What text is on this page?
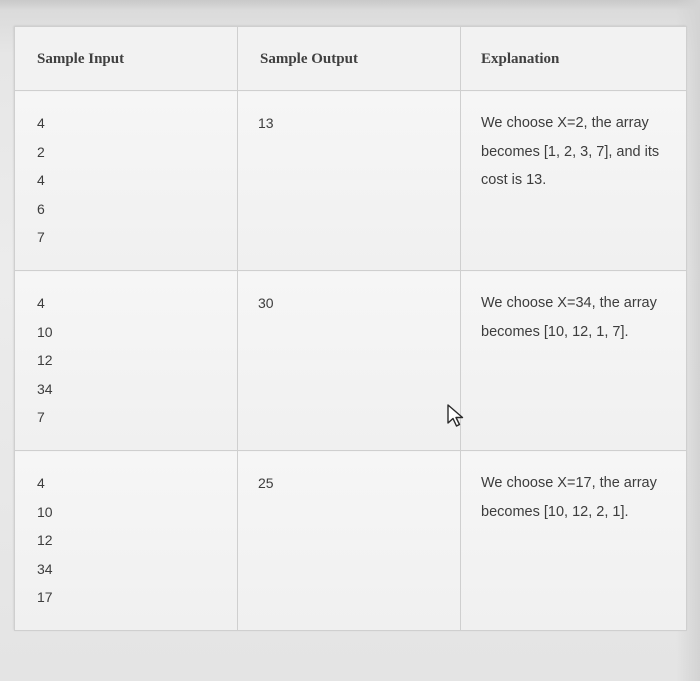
Sample Input	Sample Output	Explanation

4
2
4
6
7	13	We choose X=2, the array becomes [1, 2, 3, 7], and its cost is 13.

4
10
12
34
7	30	We choose X=34, the array becomes [10, 12, 1, 7].

4
10
12
34
17	25	We choose X=17, the array becomes [10, 12, 2, 1].
